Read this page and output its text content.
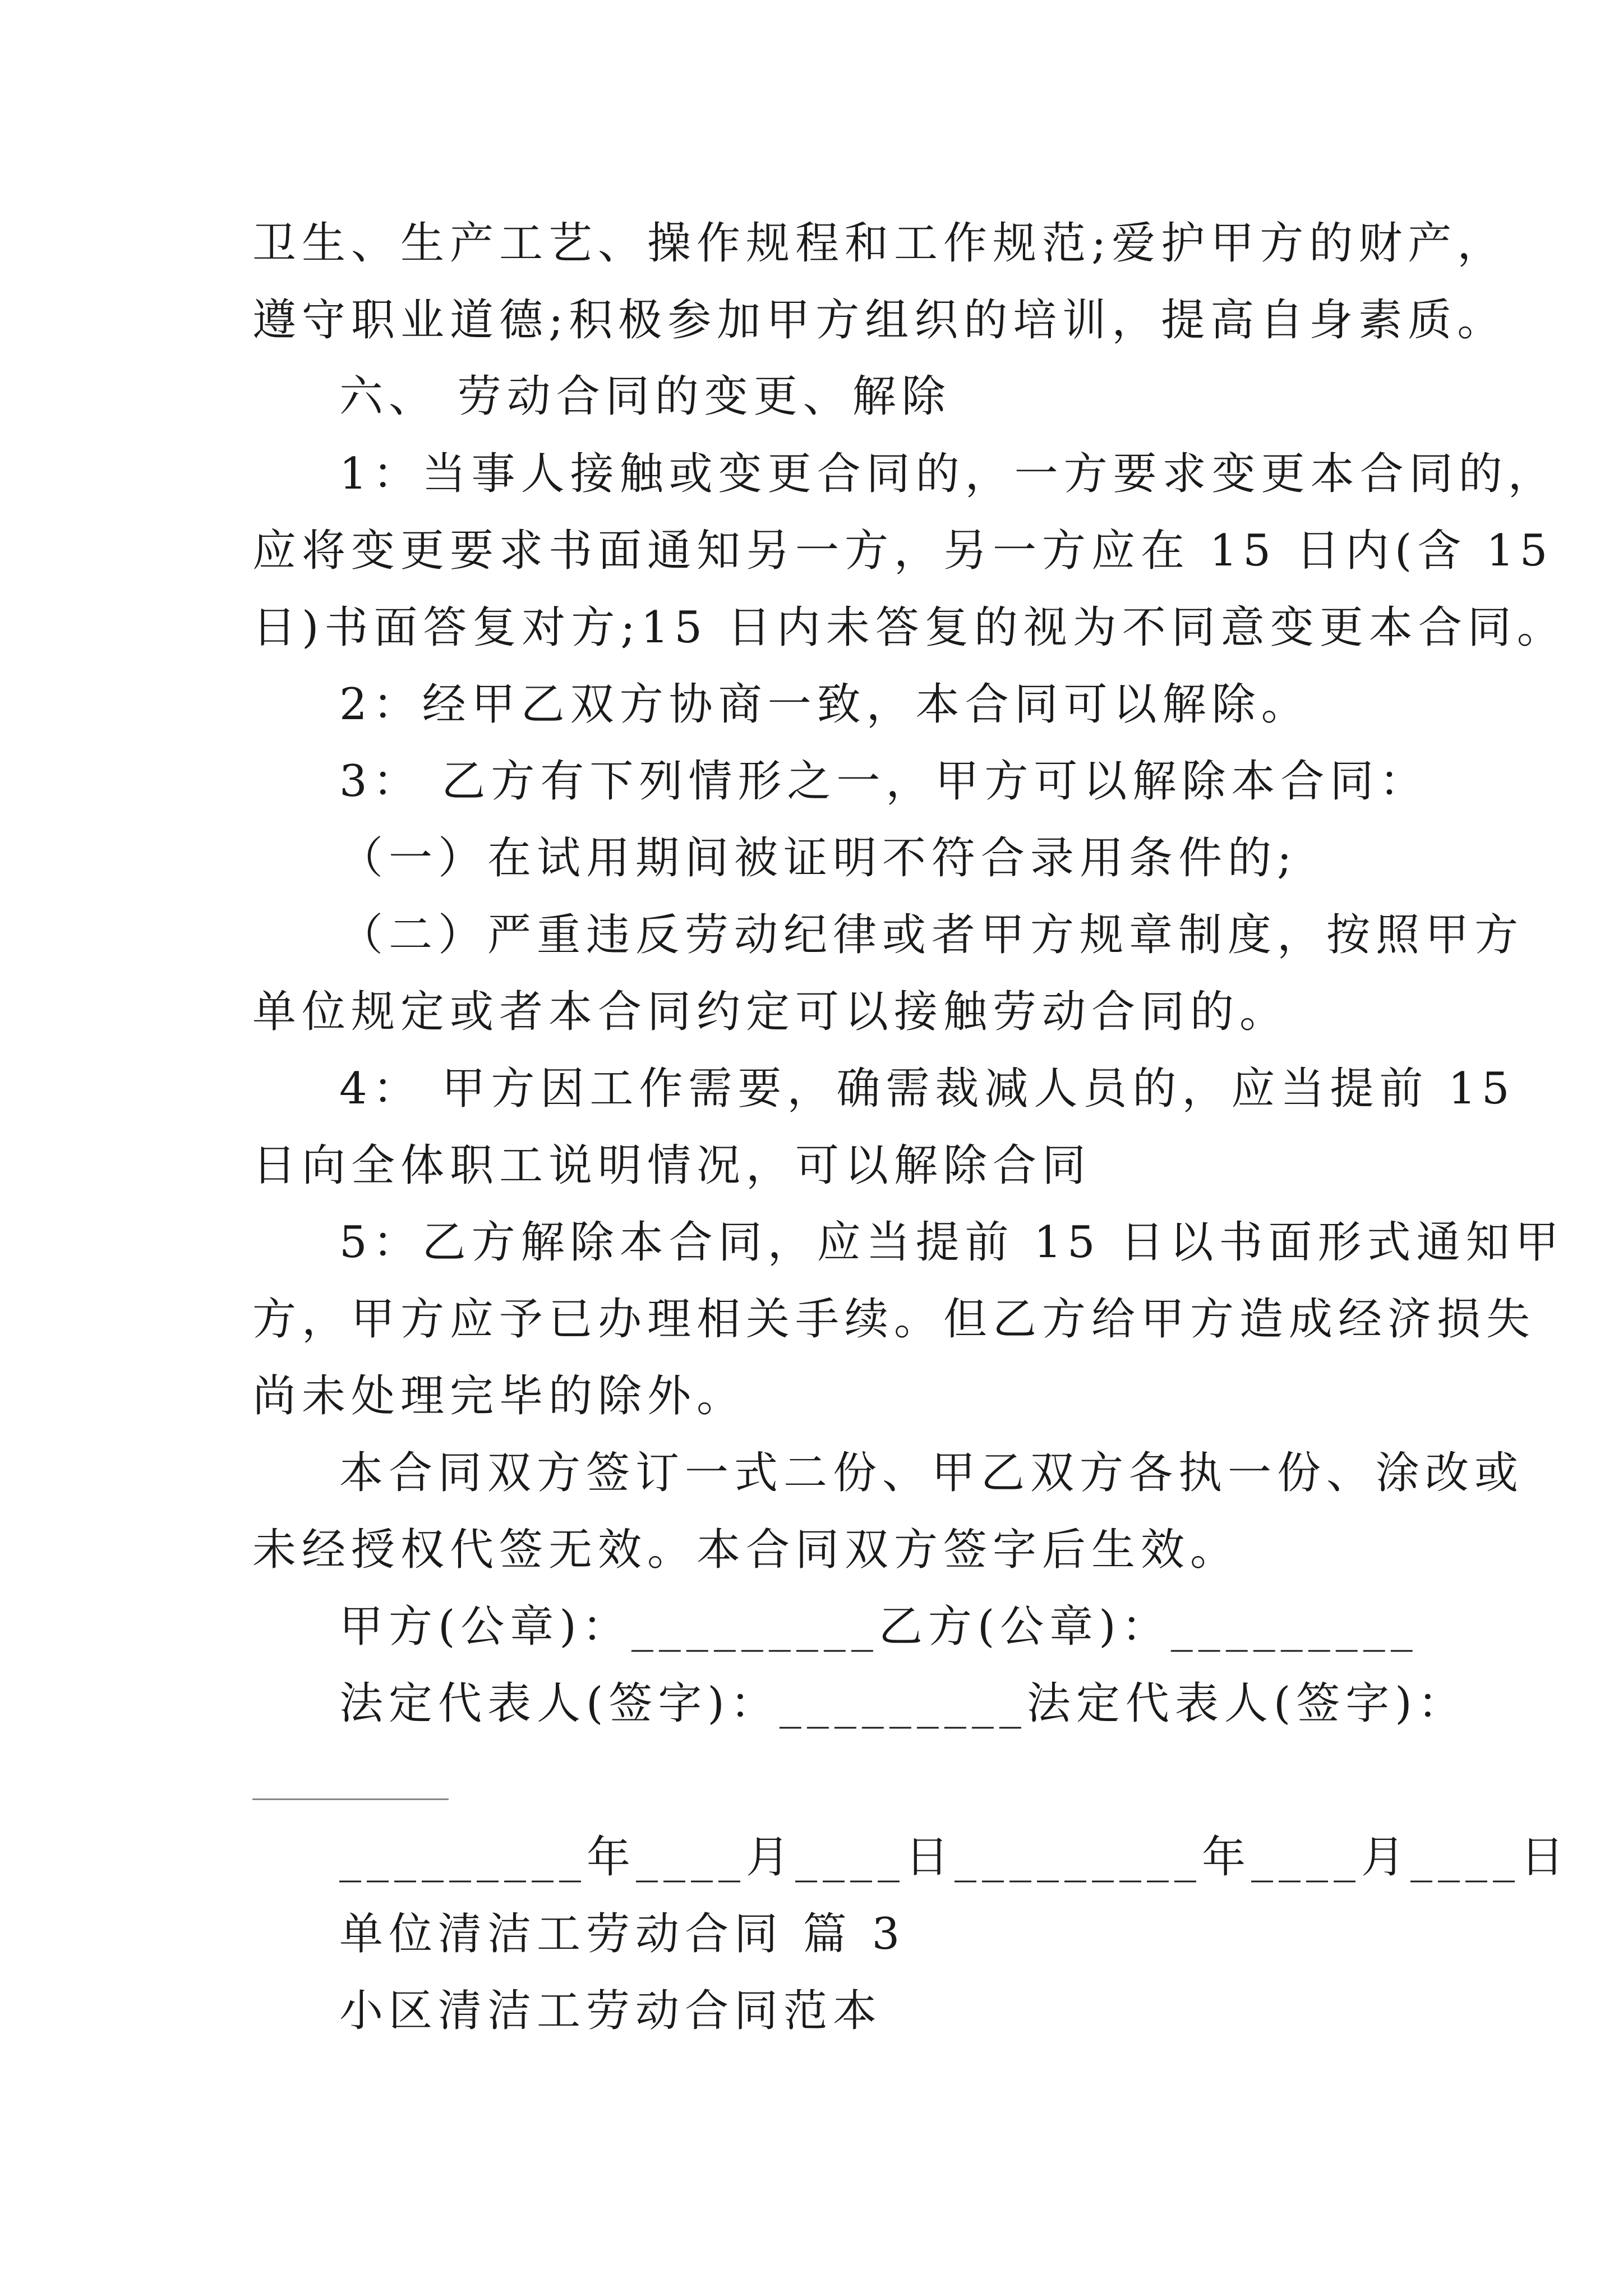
卫生、生产工艺、操作规程和工作规范;爱护甲方的财产，
遵守职业道德;积极参加甲方组织的培训，提高自身素质。
六、 劳动合同的变更、解除
1：当事人接触或变更合同的，一方要求变更本合同的，
应将变更要求书面通知另一方，另一方应在 15 日内(含 15
日)书面答复对方;15 日内未答复的视为不同意变更本合同。
2：经甲乙双方协商一致，本合同可以解除。
3： 乙方有下列情形之一，甲方可以解除本合同：
（一）在试用期间被证明不符合录用条件的;
（二）严重违反劳动纪律或者甲方规章制度，按照甲方
单位规定或者本合同约定可以接触劳动合同的。
4： 甲方因工作需要，确需裁减人员的，应当提前 15
日向全体职工说明情况，可以解除合同
5：乙方解除本合同，应当提前 15 日以书面形式通知甲
方，甲方应予已办理相关手续。但乙方给甲方造成经济损失
尚未处理完毕的除外。
本合同双方签订一式二份、甲乙双方各执一份、涂改或
未经授权代签无效。本合同双方签字后生效。
甲方(公章)：_________乙方(公章)：_________
法定代表人(签字)：_________法定代表人(签字)：
_________年____月____日_________年____月____日
单位清洁工劳动合同 篇 3
小区清洁工劳动合同范本
